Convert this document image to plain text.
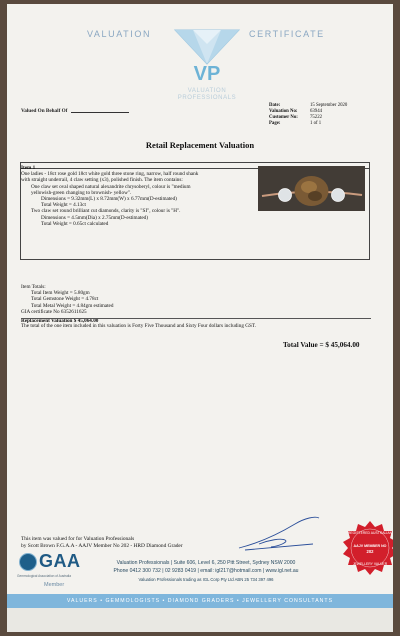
VALUATION	CERTIFICATE
VP
VALUATION PROFESSIONALS
Valued On Behalf Of
Date:	15 September 2020
Valuation No:	63944
Customer No:	75222
Page:	1 of 1
Retail Replacement Valuation
Item 1
One ladies - 18ct rose gold 18ct white gold three stone ring, narrow, half round shank
with straight underrail, 4 claw setting (x3), polished finish. The item contains:
One claw set oval shaped natural alexandrite chrysoberyl, colour is "medium
yellowish-green changing to brownish- yellow".
Dimensions = 9.32mm(L) x 8.72mm(W) x 6.77mm(D-estimated)
Total Weight = 4.13ct
Two claw set round brilliant cut diamonds, clarity is "SI", colour is "H".
Dimensions = 4.5mm(Dia) x 2.75mm(D-estimated)
Total Weight = 0.65ct calculated
Item Totals:
Total Item Weight = 5.80gm
Total Gemstone Weight = 4.78ct
Total Metal Weight = 4.84gm estimated
GIA certificate No 6352611625
Replacement Valuation $ 45,064.00
The total of the one item included in this valuation is Forty Five Thousand and Sixty Four dollars including GST.
Total Value = $ 45,064.00
This item was valued for for Valuation Professionals
by Scott Brown F.G.A.A - AAJV Member No 202 - HRD Diamond Grader
GAA
Gemmological Association of Australia
Member
Valuation Professionals | Suite 606, Level 6, 250 Pitt Street, Sydney NSW 2000
Phone 0412 300 732 | 02 9283 0419 | email: igl217@hotmail.com | www.igl.net.au
Valuation Professionals trading as IGL Corp Pty Ltd ABN 25 734 397 496
REGISTERED AUSTRALIAN
AAJV MEMBER NO
202
JEWELLERY VALUER
VALUERS • GEMMOLOGISTS • DIAMOND GRADERS • JEWELLERY CONSULTANTS
